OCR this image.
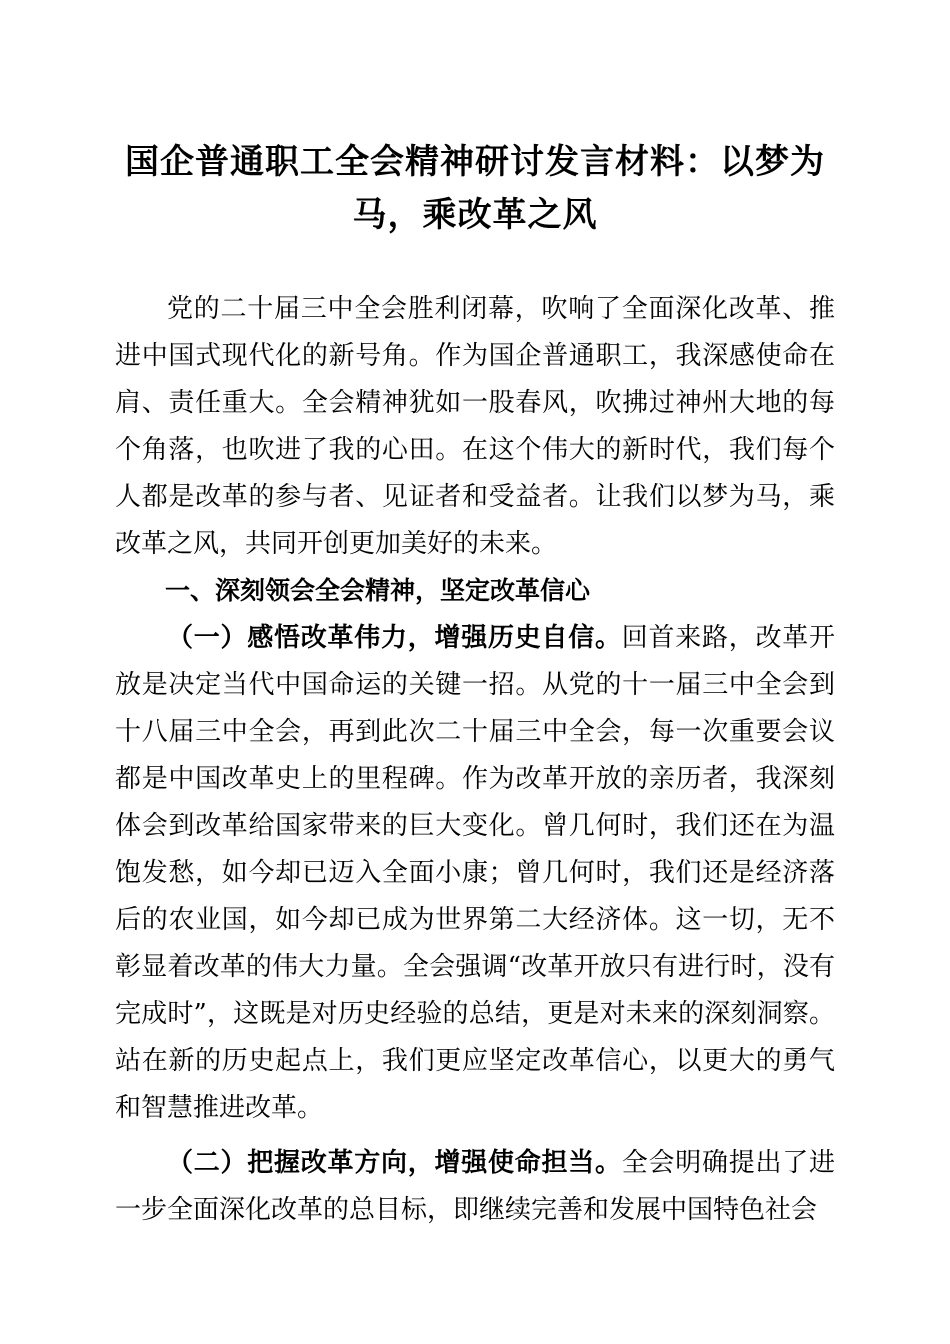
国企普通职工全会精神研讨发言材料：以梦为马，乘改革之风

党的二十届三中全会胜利闭幕，吹响了全面深化改革、推进中国式现代化的新号角。作为国企普通职工，我深感使命在肩、责任重大。全会精神犹如一股春风，吹拂过神州大地的每个角落，也吹进了我的心田。在这个伟大的新时代，我们每个人都是改革的参与者、见证者和受益者。让我们以梦为马，乘改革之风，共同开创更加美好的未来。

一、深刻领会全会精神，坚定改革信心

（一）感悟改革伟力，增强历史自信。回首来路，改革开放是决定当代中国命运的关键一招。从党的十一届三中全会到十八届三中全会，再到此次二十届三中全会，每一次重要会议都是中国改革史上的里程碑。作为改革开放的亲历者，我深刻体会到改革给国家带来的巨大变化。曾几何时，我们还在为温饱发愁，如今却已迈入全面小康；曾几何时，我们还是经济落后的农业国，如今却已成为世界第二大经济体。这一切，无不彰显着改革的伟大力量。全会强调“改革开放只有进行时，没有完成时”，这既是对历史经验的总结，更是对未来的深刻洞察。站在新的历史起点上，我们更应坚定改革信心，以更大的勇气和智慧推进改革。

（二）把握改革方向，增强使命担当。全会明确提出了进一步全面深化改革的总目标，即继续完善和发展中国特色社会
